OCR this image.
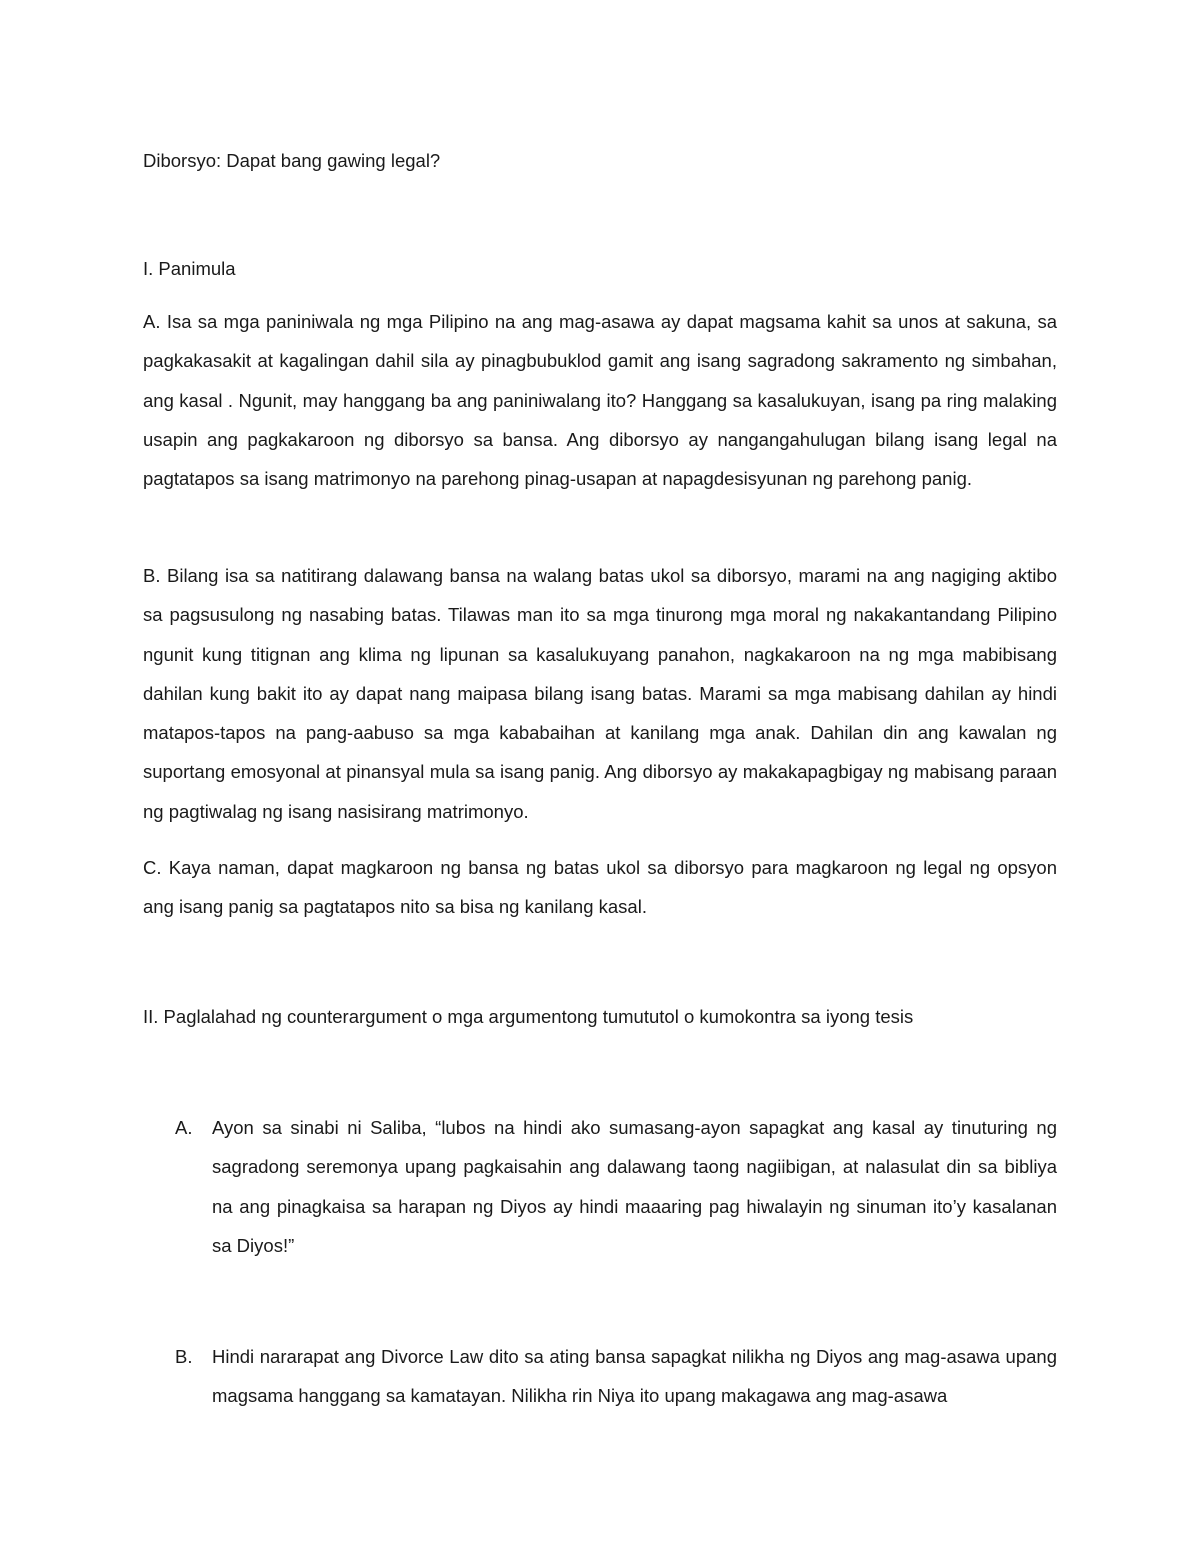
Diborsyo: Dapat bang gawing legal?

I. Panimula

A. Isa sa mga paniniwala ng mga Pilipino na ang mag-asawa ay dapat magsama kahit sa unos at sakuna, sa pagkakasakit at kagalingan dahil sila ay pinagbubuklod gamit ang isang sagradong sakramento ng simbahan, ang kasal . Ngunit, may hanggang ba ang paniniwalang ito? Hanggang sa kasalukuyan, isang pa ring malaking usapin ang pagkakaroon ng diborsyo sa bansa. Ang diborsyo ay nangangahulugan bilang isang legal na pagtatapos sa isang matrimonyo na parehong pinag-usapan at napagdesisyunan ng parehong panig.

B. Bilang isa sa natitirang dalawang bansa na walang batas ukol sa diborsyo, marami na ang nagiging aktibo sa pagsusulong ng nasabing batas. Tilawas man ito sa mga tinurong mga moral ng nakakantandang Pilipino ngunit kung titignan ang klima ng lipunan sa kasalukuyang panahon, nagkakaroon na ng mga mabibisang dahilan kung bakit ito ay dapat nang maipasa bilang isang batas. Marami sa mga mabisang dahilan ay hindi matapos-tapos na pang-aabuso sa mga kababaihan at kanilang mga anak. Dahilan din ang kawalan ng suportang emosyonal at pinansyal mula sa isang panig. Ang diborsyo ay makakapagbigay ng mabisang paraan ng pagtiwalag ng isang nasisirang matrimonyo.

C. Kaya naman, dapat magkaroon ng bansa ng batas ukol sa diborsyo para magkaroon ng legal ng opsyon ang isang panig sa pagtatapos nito sa bisa ng kanilang kasal.

II. Paglalahad ng counterargument o mga argumentong tumututol o kumokontra sa iyong tesis

A. Ayon sa sinabi ni Saliba, “lubos na hindi ako sumasang-ayon sapagkat ang kasal ay tinuturing ng sagradong seremonya upang pagkaisahin ang dalawang taong nagiibigan, at nalasulat din sa bibliya na ang pinagkaisa sa harapan ng Diyos ay hindi maaaring pag hiwalayin ng sinuman ito’y kasalanan sa Diyos!”
B. Hindi nararapat ang Divorce Law dito sa ating bansa sapagkat nilikha ng Diyos ang mag-asawa upang magsama hanggang sa kamatayan. Nilikha rin Niya ito upang makagawa ang mag-asawa
